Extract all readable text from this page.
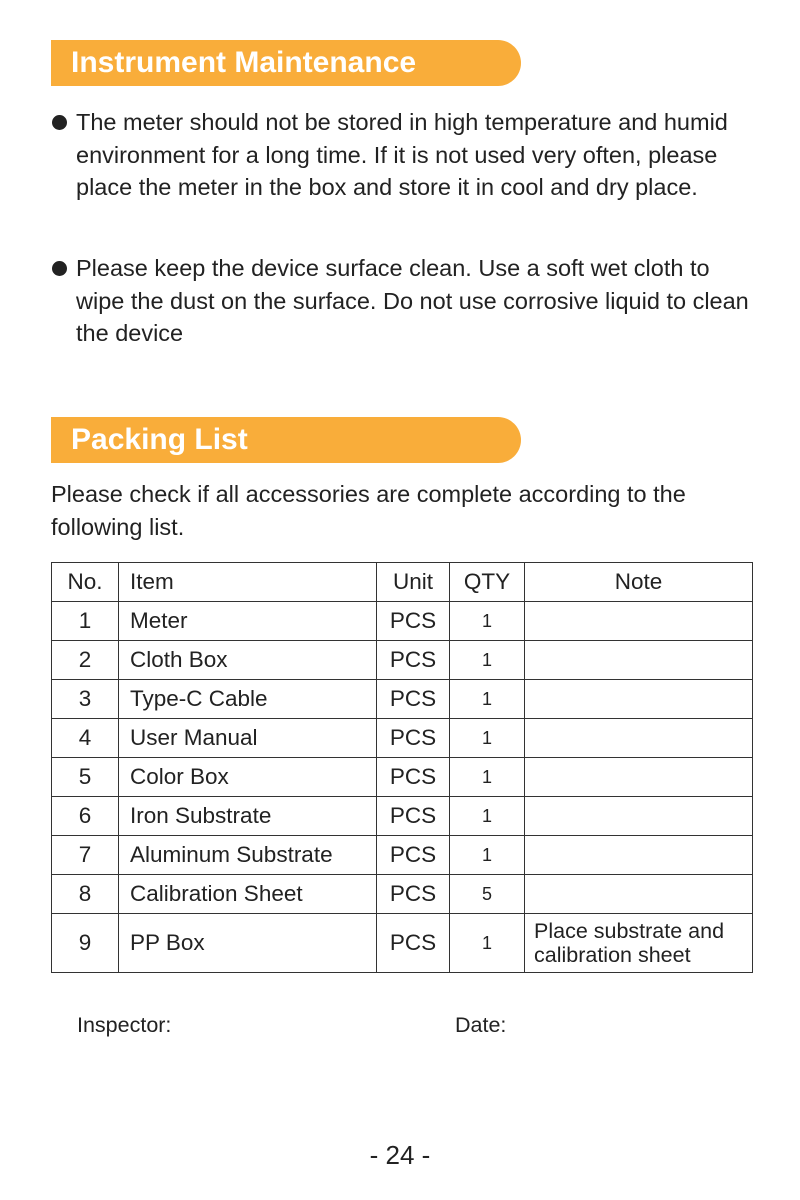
Instrument Maintenance
The meter should not be stored in high temperature and humid environment for a long time. If it is not used very often, please place the meter in the box and store it in cool and dry place.
Please keep the device surface clean. Use a soft wet cloth to wipe the dust on the surface. Do not use corrosive liquid to clean the device
Packing List
Please check if all accessories are complete according to the following list.
No.	Item	Unit	QTY	Note
1	Meter	PCS	1	
2	Cloth Box	PCS	1	
3	Type-C Cable	PCS	1	
4	User Manual	PCS	1	
5	Color Box	PCS	1	
6	Iron Substrate	PCS	1	
7	Aluminum Substrate	PCS	1	
8	Calibration Sheet	PCS	5	
9	PP Box	PCS	1	Place substrate and calibration sheet
Inspector:	Date:
- 24 -
